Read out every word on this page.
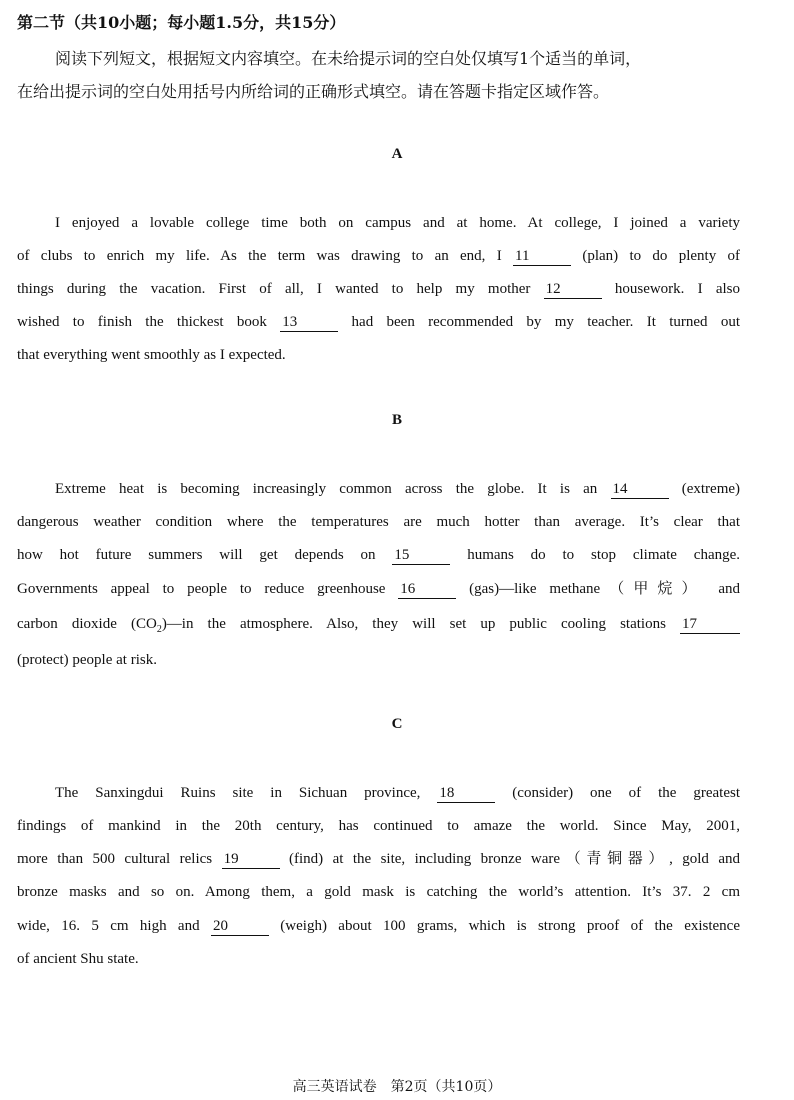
第二节（共10小题；每小题1.5分，共15分）
阅读下列短文，根据短文内容填空。在未给提示词的空白处仅填写1个适当的单词，
在给出提示词的空白处用括号内所给词的正确形式填空。请在答题卡指定区域作答。
A
I enjoyed a lovable college time both on campus and at home. At college, I joined a variety
of clubs to enrich my life. As the term was drawing to an end, I 11	(plan) to do plenty of
things during the vacation. First of all, I wanted to help my mother 12	housework. I also
wished to finish the thickest book 13	had been recommended by my teacher. It turned out
that everything went smoothly as I expected.
B
Extreme heat is becoming increasingly common across the globe. It is an 14	(extreme)
dangerous weather condition where the temperatures are much hotter than average. It’s clear that
how hot future summers will get depends on 15	humans do to stop climate change.
Governments appeal to people to reduce greenhouse 16	(gas)—like methane（甲烷） and
carbon dioxide $(CO_2)—in$ the atmosphere. Also, they will set up public cooling stations 17
(protect) people at risk.
C
The Sanxingdui Ruins site in Sichuan province, 18	(consider) one of the greatest
findings of mankind in the 20th century, has continued to amaze the world. Since May, 2001,
more than 500 cultural relics 19	(find) at the site, including bronze ware（青铜器）, gold and
bronze masks and so on. Among them, a gold mask is catching the world’s attention. It’s 37. 2 cm
wide, 16. 5 cm high and 20	(weigh) about 100 grams, which is strong proof of the existence
of ancient Shu state.
高三英语试卷　第2页（共10页）
